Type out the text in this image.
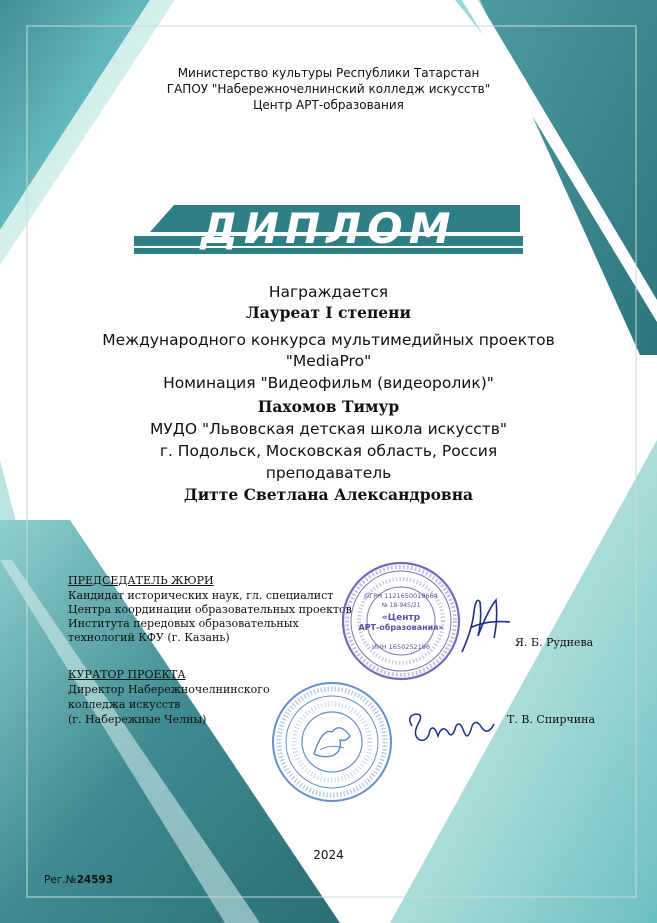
Министерство культуры Республики Татарстан
ГАПОУ "Набережночелнинский колледж искусств"
Центр АРТ-образования
ДИПЛОМ
Награждается
Лауреат I степени
Международного конкурса мультимедийных проектов
"MediaPro"
Номинация "Видеофильм (видеоролик)"
Пахомов Тимур
МУДО "Львовская детская школа искусств"
г. Подольск, Московская область, Россия
преподаватель
Дитте Светлана Александровна
ПРЕДСЕДАТЕЛЬ ЖЮРИ
Кандидат исторических наук, гл. специалист
Центра координации образовательных проектов
Института передовых образовательных
технологий КФУ (г. Казань)	Я. Б. Руднева
КУРАТОР ПРОЕКТА
Директор Набережночелнинского
колледжа искусств
(г. Набережные Челны)	Т. В. Спирчина
ОГРН 1121650019664
№ 18-945/21
«Центр
АРТ-образования»
ИНН 1650252196
2024
Рег.№24593
